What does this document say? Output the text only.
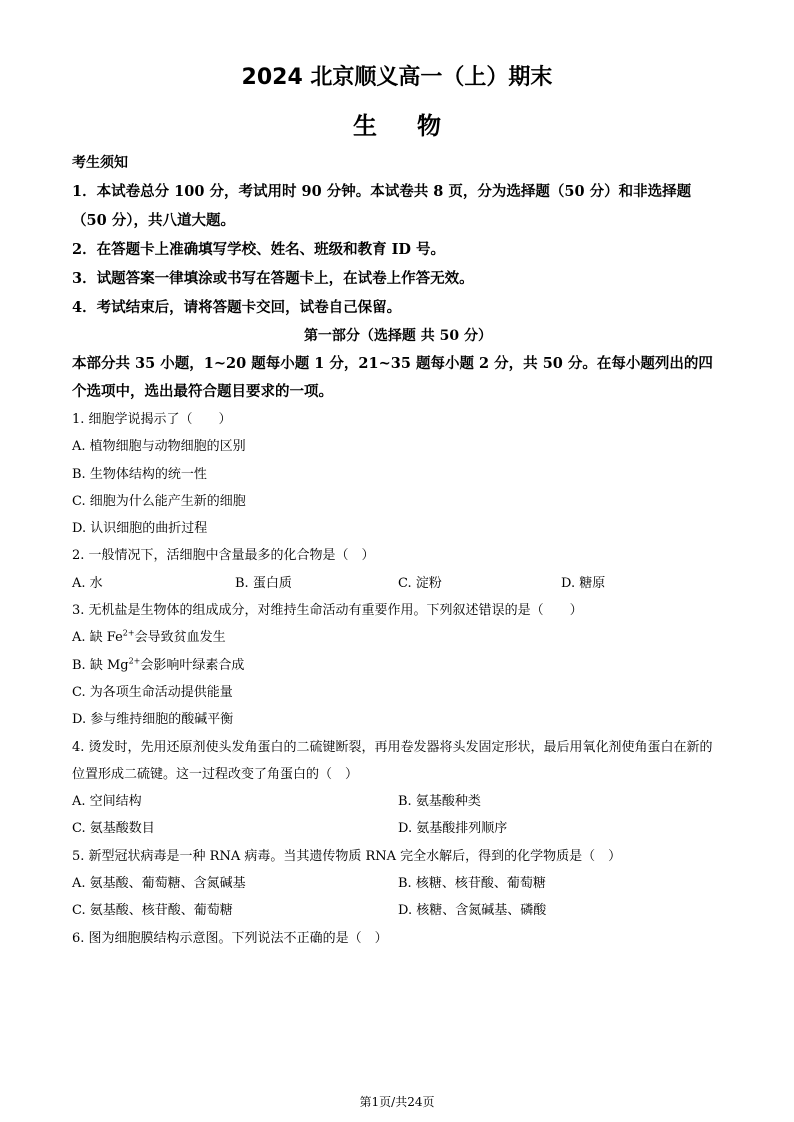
2024 北京顺义高一（上）期末
生 物
考生须知
1．本试卷总分 100 分，考试用时 90 分钟。本试卷共 8 页，分为选择题（50 分）和非选择题（50 分），共八道大题。
2．在答题卡上准确填写学校、姓名、班级和教育 ID 号。
3．试题答案一律填涂或书写在答题卡上，在试卷上作答无效。
4．考试结束后，请将答题卡交回，试卷自己保留。
第一部分（选择题 共 50 分）
本部分共 35 小题，1~20 题每小题 1 分，21~35 题每小题 2 分，共 50 分。在每小题列出的四个选项中，选出最符合题目要求的一项。
1. 细胞学说揭示了（　　）
A. 植物细胞与动物细胞的区别
B. 生物体结构的统一性
C. 细胞为什么能产生新的细胞
D. 认识细胞的曲折过程
2. 一般情况下，活细胞中含量最多的化合物是（　）
A. 水	B. 蛋白质	C. 淀粉	D. 糖原
3. 无机盐是生物体的组成成分，对维持生命活动有重要作用。下列叙述错误的是（　　）
A. 缺 $Fe^{2+}$会导致贫血发生
B. 缺 $Mg^{2+}$会影响叶绿素合成
C. 为各项生命活动提供能量
D. 参与维持细胞的酸碱平衡
4. 烫发时，先用还原剂使头发角蛋白的二硫键断裂，再用卷发器将头发固定形状，最后用氧化剂使角蛋白在新的位置形成二硫键。这一过程改变了角蛋白的（　）
A. 空间结构	B. 氨基酸种类
C. 氨基酸数目	D. 氨基酸排列顺序
5. 新型冠状病毒是一种 RNA 病毒。当其遗传物质 RNA 完全水解后，得到的化学物质是（　）
A. 氨基酸、葡萄糖、含氮碱基	B. 核糖、核苷酸、葡萄糖
C. 氨基酸、核苷酸、葡萄糖	D. 核糖、含氮碱基、磷酸
6. 图为细胞膜结构示意图。下列说法不正确的是（　）
第1页/共24页
